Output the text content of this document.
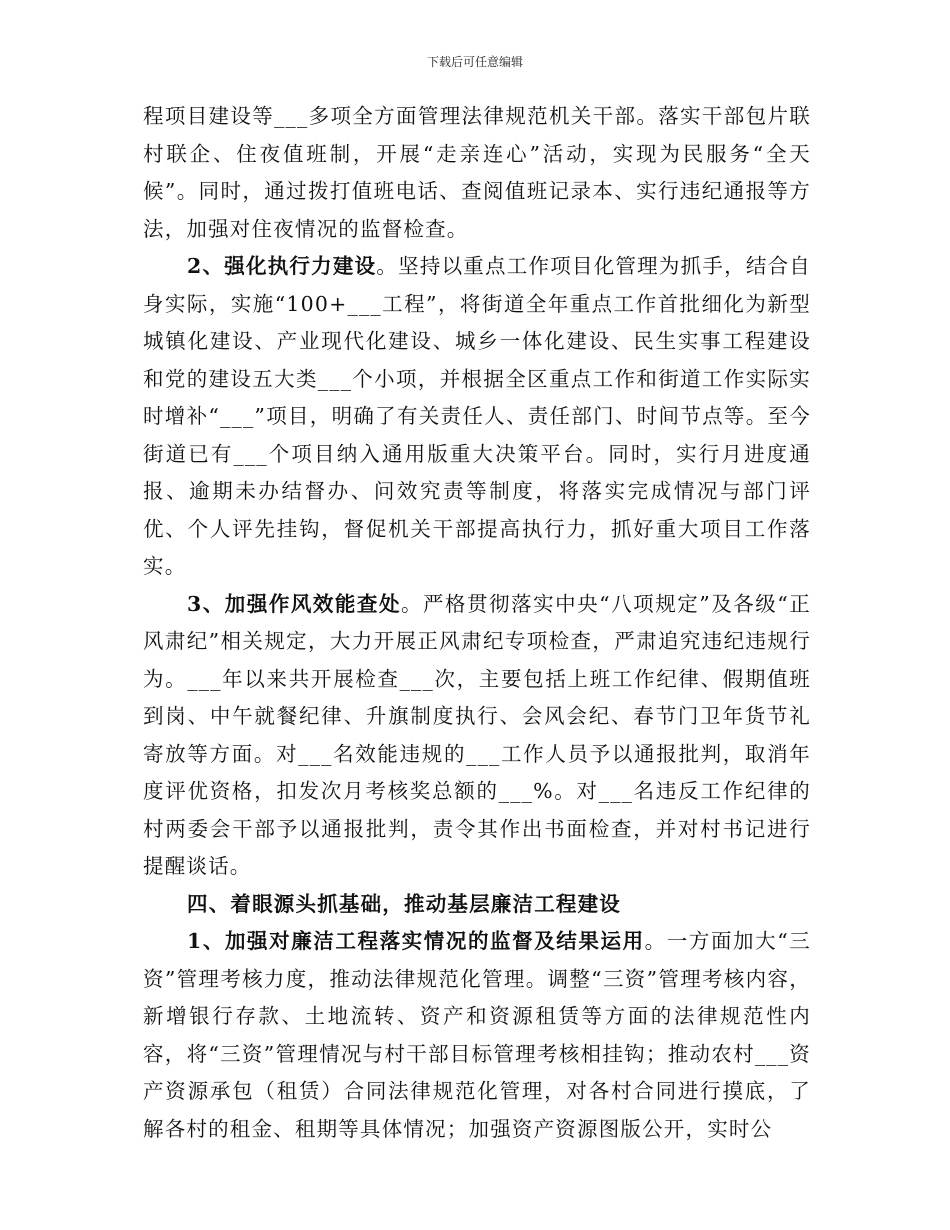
下载后可任意编辑

程项目建设等___多项全方面管理法律规范机关干部。落实干部包片联村联企、住夜值班制，开展“走亲连心”活动，实现为民服务“全天候”。同时，通过拨打值班电话、查阅值班记录本、实行违纪通报等方法，加强对住夜情况的监督检查。

2、强化执行力建设。坚持以重点工作项目化管理为抓手，结合自身实际，实施“100+___工程”，将街道全年重点工作首批细化为新型城镇化建设、产业现代化建设、城乡一体化建设、民生实事工程建设和党的建设五大类___个小项，并根据全区重点工作和街道工作实际实时增补“___”项目，明确了有关责任人、责任部门、时间节点等。至今街道已有___个项目纳入通用版重大决策平台。同时，实行月进度通报、逾期未办结督办、问效究责等制度，将落实完成情况与部门评优、个人评先挂钩，督促机关干部提高执行力，抓好重大项目工作落实。

3、加强作风效能查处。严格贯彻落实中央“八项规定”及各级“正风肃纪”相关规定，大力开展正风肃纪专项检查，严肃追究违纪违规行为。___年以来共开展检查___次，主要包括上班工作纪律、假期值班到岗、中午就餐纪律、升旗制度执行、会风会纪、春节门卫年货节礼寄放等方面。对___名效能违规的___工作人员予以通报批判，取消年度评优资格，扣发次月考核奖总额的___%。对___名违反工作纪律的村两委会干部予以通报批判，责令其作出书面检查，并对村书记进行提醒谈话。

四、着眼源头抓基础，推动基层廉洁工程建设

1、加强对廉洁工程落实情况的监督及结果运用。一方面加大“三资”管理考核力度，推动法律规范化管理。调整“三资”管理考核内容，新增银行存款、土地流转、资产和资源租赁等方面的法律规范性内容，将“三资”管理情况与村干部目标管理考核相挂钩；推动农村___资产资源承包（租赁）合同法律规范化管理，对各村合同进行摸底，了解各村的租金、租期等具体情况；加强资产资源图版公开，实时公
